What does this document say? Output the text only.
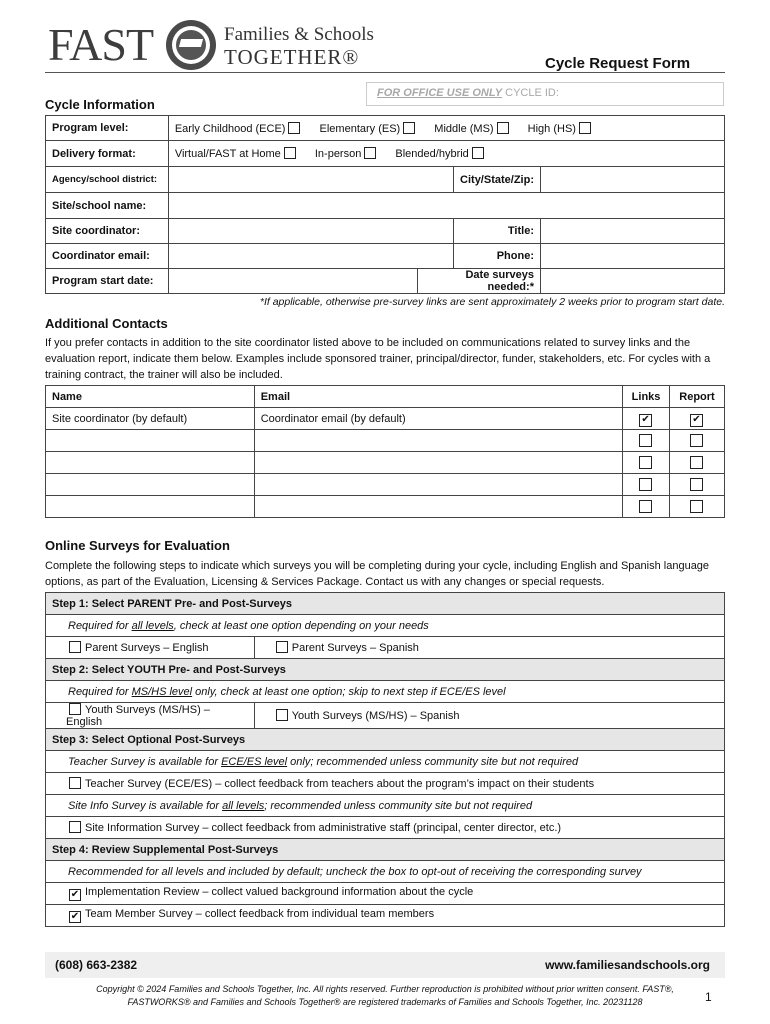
FAST	Families & Schools
TOGETHER®	Cycle Request Form
FOR OFFICE USE ONLY CYCLE ID:
Cycle Information
Program level:	Early Childhood (ECE) Elementary (ES) Middle (MS) High (HS)			
Delivery format:	Virtual/FAST at Home In-person Blended/hybrid			
Agency/school district:			City/State/Zip:	
Site/school name:				
Site coordinator:			Title:	
Coordinator email:			Phone:	
Program start date:		Date surveys needed:*		
*If applicable, otherwise pre-survey links are sent approximately 2 weeks prior to program start date.
Additional Contacts
If you prefer contacts in addition to the site coordinator listed above to be included on communications related to survey links and the evaluation report, indicate them below. Examples include sponsored trainer, principal/director, funder, stakeholders, etc. For cycles with a training contract, the trainer will also be included.
Name	Email	Links	Report
Site coordinator (by default)	Coordinator email (by default)	✔	✔

Online Surveys for Evaluation
Complete the following steps to indicate which surveys you will be completing during your cycle, including English and Spanish language options, as part of the Evaluation, Licensing & Services Package. Contact us with any changes or special requests.
Step 1: Select PARENT Pre- and Post-Surveys	
Required for all levels, check at least one option depending on your needs	
Parent Surveys – English	Parent Surveys – Spanish
Step 2: Select YOUTH Pre- and Post-Surveys	
Required for MS/HS level only, check at least one option; skip to next step if ECE/ES level	
Youth Surveys (MS/HS) – English	Youth Surveys (MS/HS) – Spanish
Step 3: Select Optional Post-Surveys	
Teacher Survey is available for ECE/ES level only; recommended unless community site but not required	
Teacher Survey (ECE/ES) – collect feedback from teachers about the program’s impact on their students	
Site Info Survey is available for all levels; recommended unless community site but not required	
Site Information Survey – collect feedback from administrative staff (principal, center director, etc.)	
Step 4: Review Supplemental Post-Surveys	
Recommended for all levels and included by default; uncheck the box to opt-out of receiving the corresponding survey	
✔ Implementation Review – collect valued background information about the cycle	
✔ Team Member Survey – collect feedback from individual team members	
(608) 663-2382	www.familiesandschools.org
Copyright © 2024 Families and Schools Together, Inc. All rights reserved. Further reproduction is prohibited without prior written consent. FAST®,
FASTWORKS® and Families and Schools Together® are registered trademarks of Families and Schools Together, Inc. 20231128	1
